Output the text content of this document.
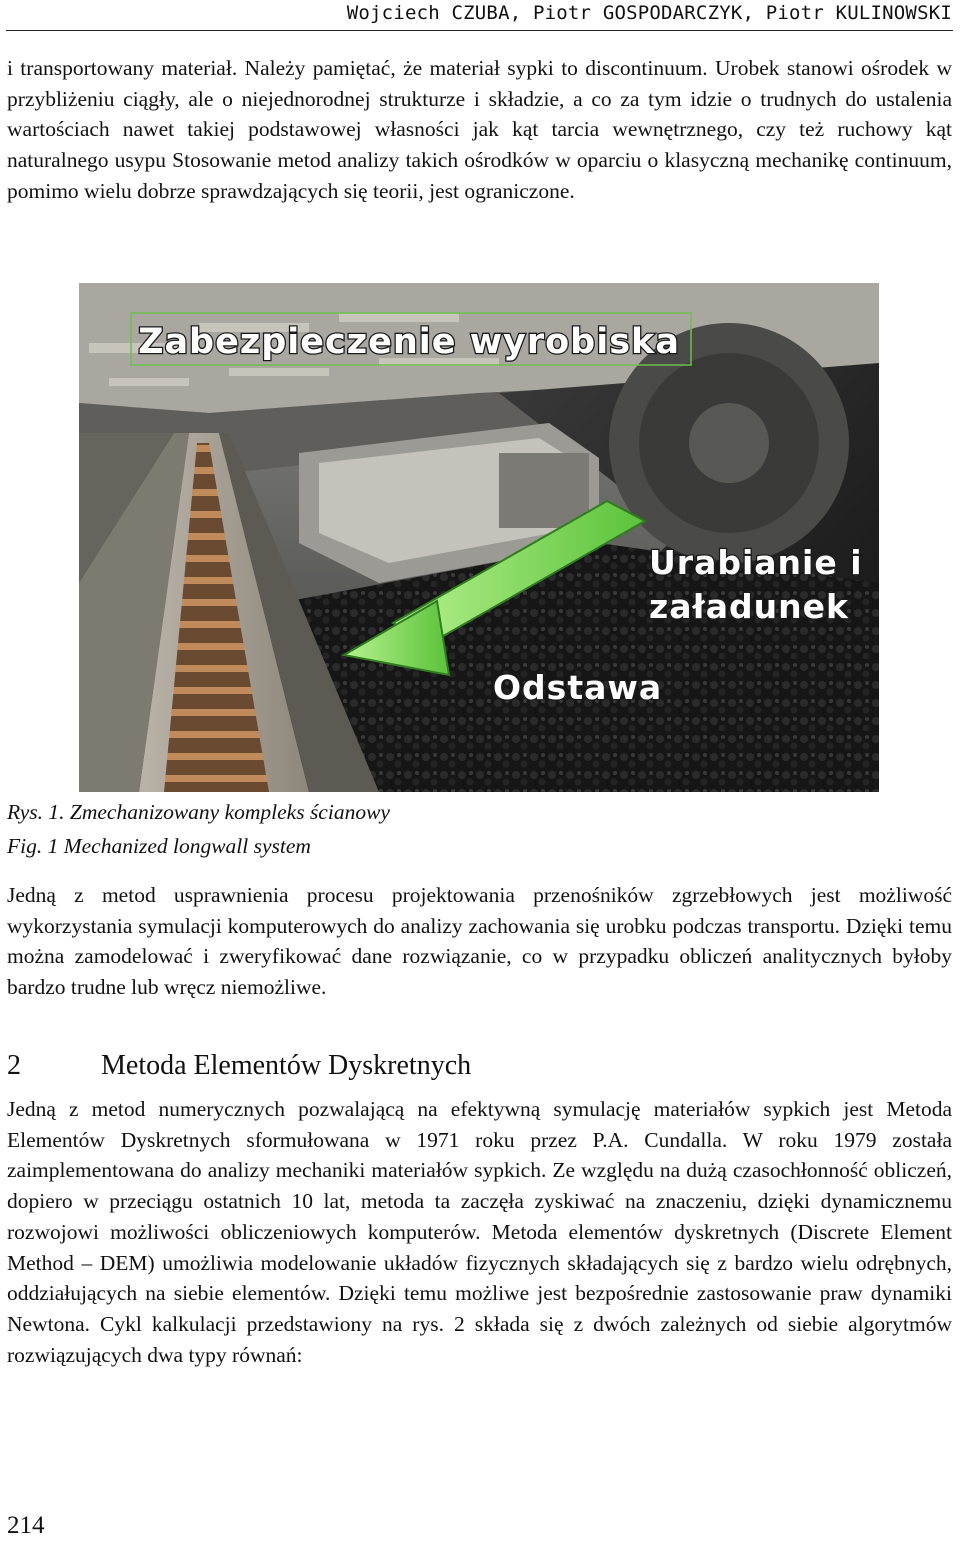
Wojciech CZUBA, Piotr GOSPODARCZYK, Piotr KULINOWSKI

i transportowany materiał. Należy pamiętać, że materiał sypki to discontinuum. Urobek stanowi ośrodek w przybliżeniu ciągły, ale o niejednorodnej strukturze i składzie, a co za tym idzie o trudnych do ustalenia wartościach nawet takiej podstawowej własności jak kąt tarcia wewnętrznego, czy też ruchowy kąt naturalnego usypu Stosowanie metod analizy takich ośrodków w oparciu o klasyczną mechanikę continuum, pomimo wielu dobrze sprawdzających się teorii, jest ograniczone.

Zabezpieczenie wyrobiska
Urabianie i
załadunek
Odstawa

Rys. 1. Zmechanizowany kompleks ścianowy

Fig. 1 Mechanized longwall system

Jedną z metod usprawnienia procesu projektowania przenośników zgrzebłowych jest możliwość wykorzystania symulacji komputerowych do analizy zachowania się urobku podczas transportu. Dzięki temu można zamodelować i zweryfikować dane rozwiązanie, co w przypadku obliczeń analitycznych byłoby bardzo trudne lub wręcz niemożliwe.

2	Metoda Elementów Dyskretnych

Jedną z metod numerycznych pozwalającą na efektywną symulację materiałów sypkich jest Metoda Elementów Dyskretnych sformułowana w 1971 roku przez P.A. Cundalla. W roku 1979 została zaimplementowana do analizy mechaniki materiałów sypkich. Ze względu na dużą czasochłonność obliczeń, dopiero w przeciągu ostatnich 10 lat, metoda ta zaczęła zyskiwać na znaczeniu, dzięki dynamicznemu rozwojowi możliwości obliczeniowych komputerów. Metoda elementów dyskretnych (Discrete Element Method – DEM) umożliwia modelowanie układów fizycznych składających się z bardzo wielu odrębnych, oddziałujących na siebie elementów. Dzięki temu możliwe jest bezpośrednie zastosowanie praw dynamiki Newtona. Cykl kalkulacji przedstawiony na rys. 2 składa się z dwóch zależnych od siebie algorytmów rozwiązujących dwa typy równań:

214
